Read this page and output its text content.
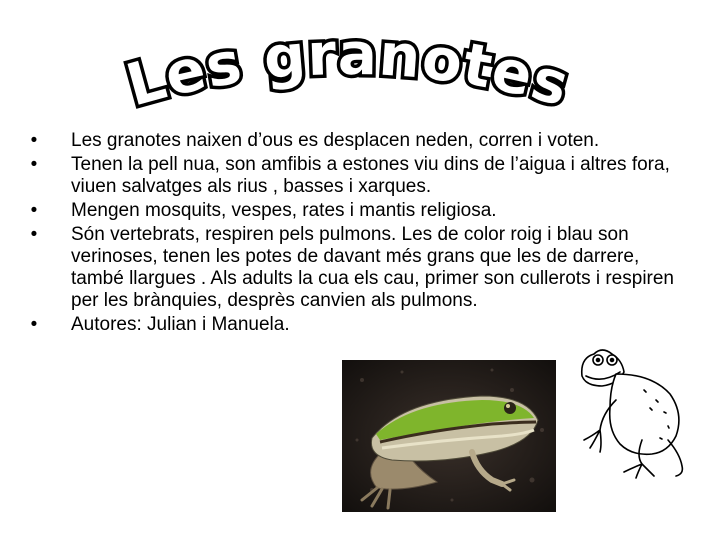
Les granotes
• Les granotes naixen d’ous es desplacen neden, corren i voten.
• Tenen la pell nua, son amfibis a estones viu dins de l’aigua i altres fora, viuen salvatges als rius , basses i xarques.
• Mengen mosquits, vespes, rates i mantis religiosa.
• Són vertebrats, respiren pels pulmons. Les de color roig i blau son verinoses, tenen les potes de davant més grans que les de darrere, també llargues . Als adults la cua els cau, primer son cullerots i respiren per les brànquies, desprès canvien als pulmons.
• Autores: Julian i Manuela.
